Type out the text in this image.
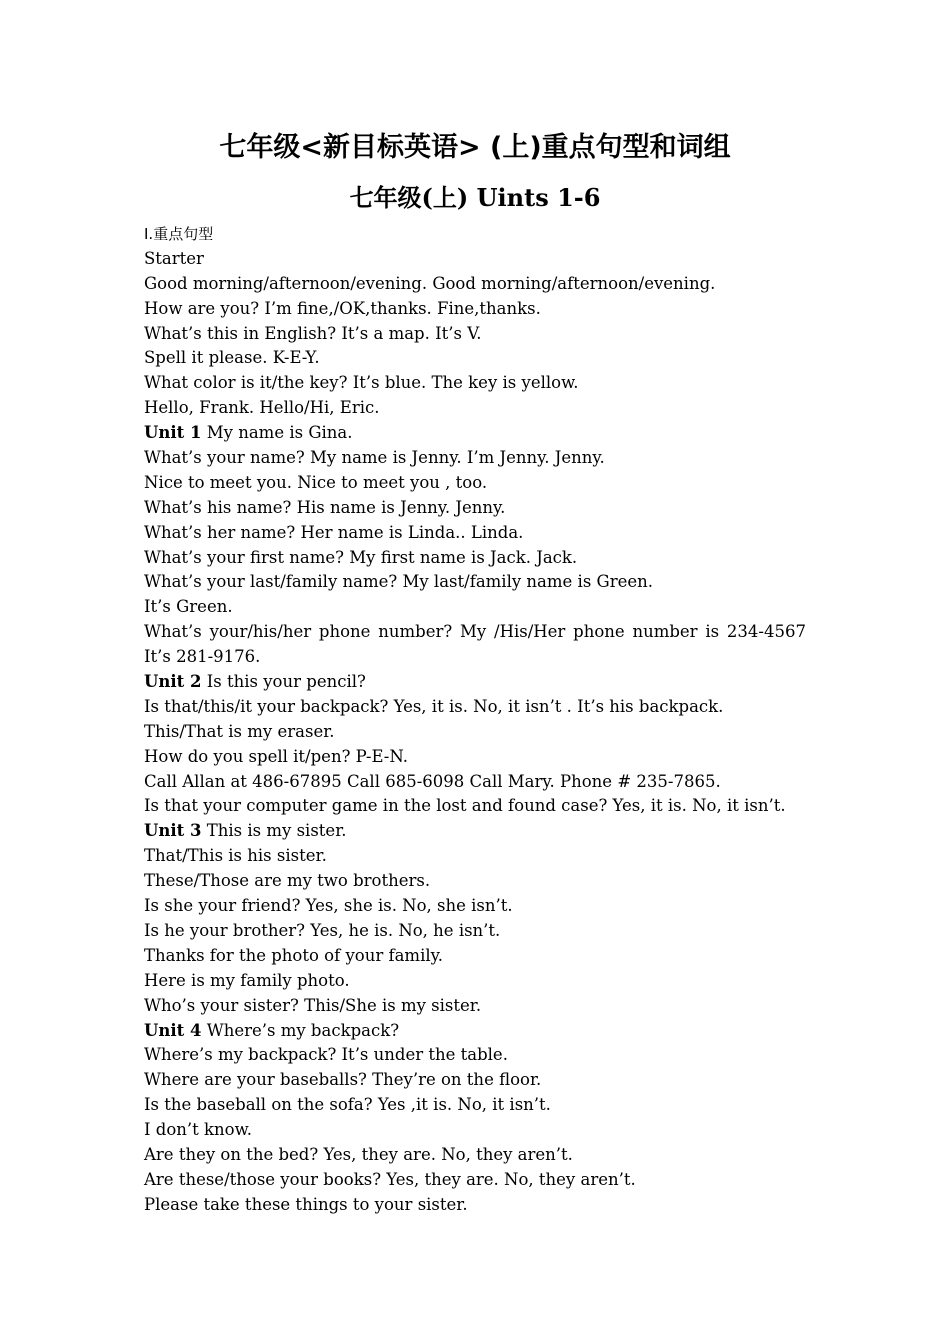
七年级<新目标英语> (上)重点句型和词组
七年级(上) Uints 1-6
I.重点句型
Starter
Good morning/afternoon/evening. Good morning/afternoon/evening.
How are you? I’m fine,/OK,thanks. Fine,thanks.
What’s this in English? It’s a map. It’s V.
Spell it please. K-E-Y.
What color is it/the key? It’s blue. The key is yellow.
Hello, Frank. Hello/Hi, Eric.
Unit 1 My name is Gina.
What’s your name? My name is Jenny. I’m Jenny. Jenny.
Nice to meet you. Nice to meet you , too.
What’s his name? His name is Jenny. Jenny.
What’s her name? Her name is Linda.. Linda.
What’s your first name? My first name is Jack. Jack.
What’s your last/family name? My last/family name is Green.
It’s Green.
What’s your/his/her phone number? My /His/Her phone number is 234-4567
It’s 281-9176.
Unit 2 Is this your pencil?
Is that/this/it your backpack? Yes, it is. No, it isn’t . It’s his backpack.
This/That is my eraser.
How do you spell it/pen? P-E-N.
Call Allan at 486-67895 Call 685-6098 Call Mary. Phone # 235-7865.
Is that your computer game in the lost and found case? Yes, it is. No, it isn’t.
Unit 3 This is my sister.
That/This is his sister.
These/Those are my two brothers.
Is she your friend? Yes, she is. No, she isn’t.
Is he your brother? Yes, he is. No, he isn’t.
Thanks for the photo of your family.
Here is my family photo.
Who’s your sister? This/She is my sister.
Unit 4 Where’s my backpack?
Where’s my backpack? It’s under the table.
Where are your baseballs? They’re on the floor.
Is the baseball on the sofa? Yes ,it is. No, it isn’t.
I don’t know.
Are they on the bed? Yes, they are. No, they aren’t.
Are these/those your books? Yes, they are. No, they aren’t.
Please take these things to your sister.
